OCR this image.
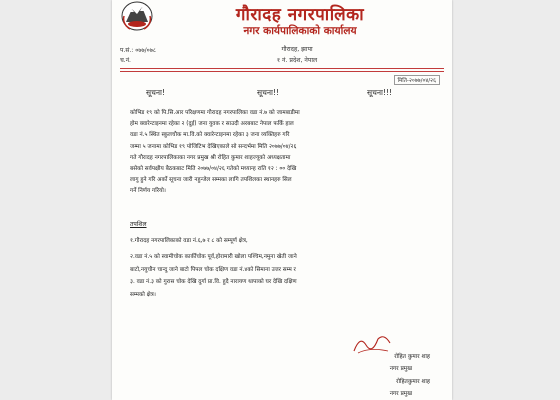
गौरादह नगरपालिका
नगर कार्यपालिकाको कार्यालय
प.सं.: ०७७/०७८
च.नं.
गौरादह, झापा
१ नं. प्रदेश, नेपाल
मिति-२०७७/०४/२६
सूचना!	सूचना!!	सूचना!!!
कोभिड १९ को पि.सि.आर परिक्षणमा गौरादह नगरपालिका वडा नं.७ को जामबाडीमा
होम क्वारेन्टाइनमा रहेका २ (दुई) जना युवक र साउदी अरबबाट नेपाल फर्कि हाल
वडा नं.५ स्थित स्कुलचौक मा.वि.को क्वारेन्टाइनमा रहेका ३ जना व्यक्तिहरु गरि
जम्मा ५ जनामा कोभिड १९ पोजिटिभ देखिएकाले सो सन्दर्भमा मिति २०७७/०४/२६
गते गौरादह नगरपालिकाका नगर प्रमुख श्री रोहित कुमार शाहज्यूको अध्यक्षतामा
बसेको सर्वपक्षीय बैठकबाट मिति २०७७/०४/२६ गतेको मध्यान्ह राति १२ : ०० देखि
लागु हुने गरि अर्को सूचना जारी नहुन्जेल सम्मका लागि तपशिलका स्थानहरु सिल
गर्ने निर्णय गरियो।
तपशिल
१.गौरादह नगरपालिकाको वडा नं.६,७ र ८ को सम्पूर्ण क्षेत्र,
२.वडा नं.५ को स्वामीचोक कार्कीचोक पूर्व,होरामारी खोला पश्चिम,नमुना खेती जाने
बाटो,नयुचौन चान्दु जाने बाटो पिपल चोक दक्षिण वडा नं.४को सिमाना उत्तर सम्म र
३. वडा नं.३ को गुरास चोक देखि दुर्गा प्रा.वि. हुदै नारायण थापाको घर देखि दक्षिण
सम्मको क्षेत्र।
रोहित कुमार शाह
नगर प्रमुख
रोहितकुमार शाह
नगर प्रमुख
